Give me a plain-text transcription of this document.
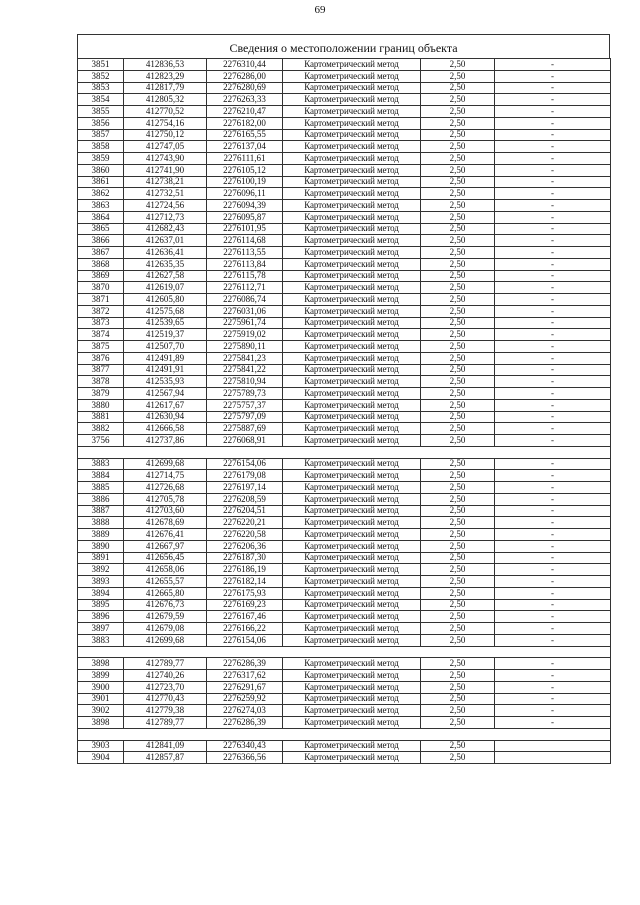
69
Сведения о местоположении границ объекта
3851	412836,53	2276310,44	Картометрический метод	2,50	-
3852	412823,29	2276286,00	Картометрический метод	2,50	-
3853	412817,79	2276280,69	Картометрический метод	2,50	-
3854	412805,32	2276263,33	Картометрический метод	2,50	-
3855	412770,52	2276210,47	Картометрический метод	2,50	-
3856	412754,16	2276182,00	Картометрический метод	2,50	-
3857	412750,12	2276165,55	Картометрический метод	2,50	-
3858	412747,05	2276137,04	Картометрический метод	2,50	-
3859	412743,90	2276111,61	Картометрический метод	2,50	-
3860	412741,90	2276105,12	Картометрический метод	2,50	-
3861	412738,21	2276100,19	Картометрический метод	2,50	-
3862	412732,51	2276096,11	Картометрический метод	2,50	-
3863	412724,56	2276094,39	Картометрический метод	2,50	-
3864	412712,73	2276095,87	Картометрический метод	2,50	-
3865	412682,43	2276101,95	Картометрический метод	2,50	-
3866	412637,01	2276114,68	Картометрический метод	2,50	-
3867	412636,41	2276113,55	Картометрический метод	2,50	-
3868	412635,35	2276113,84	Картометрический метод	2,50	-
3869	412627,58	2276115,78	Картометрический метод	2,50	-
3870	412619,07	2276112,71	Картометрический метод	2,50	-
3871	412605,80	2276086,74	Картометрический метод	2,50	-
3872	412575,68	2276031,06	Картометрический метод	2,50	-
3873	412539,65	2275961,74	Картометрический метод	2,50	-
3874	412519,37	2275919,02	Картометрический метод	2,50	-
3875	412507,70	2275890,11	Картометрический метод	2,50	-
3876	412491,89	2275841,23	Картометрический метод	2,50	-
3877	412491,91	2275841,22	Картометрический метод	2,50	-
3878	412535,93	2275810,94	Картометрический метод	2,50	-
3879	412567,94	2275789,73	Картометрический метод	2,50	-
3880	412617,67	2275757,37	Картометрический метод	2,50	-
3881	412630,94	2275797,09	Картометрический метод	2,50	-
3882	412666,58	2275887,69	Картометрический метод	2,50	-
3756	412737,86	2276068,91	Картометрический метод	2,50	-

3883	412699,68	2276154,06	Картометрический метод	2,50	-
3884	412714,75	2276179,08	Картометрический метод	2,50	-
3885	412726,68	2276197,14	Картометрический метод	2,50	-
3886	412705,78	2276208,59	Картометрический метод	2,50	-
3887	412703,60	2276204,51	Картометрический метод	2,50	-
3888	412678,69	2276220,21	Картометрический метод	2,50	-
3889	412676,41	2276220,58	Картометрический метод	2,50	-
3890	412667,97	2276206,36	Картометрический метод	2,50	-
3891	412656,45	2276187,30	Картометрический метод	2,50	-
3892	412658,06	2276186,19	Картометрический метод	2,50	-
3893	412655,57	2276182,14	Картометрический метод	2,50	-
3894	412665,80	2276175,93	Картометрический метод	2,50	-
3895	412676,73	2276169,23	Картометрический метод	2,50	-
3896	412679,59	2276167,46	Картометрический метод	2,50	-
3897	412679,08	2276166,22	Картометрический метод	2,50	-
3883	412699,68	2276154,06	Картометрический метод	2,50	-

3898	412789,77	2276286,39	Картометрический метод	2,50	-
3899	412740,26	2276317,62	Картометрический метод	2,50	-
3900	412723,70	2276291,67	Картометрический метод	2,50	-
3901	412770,43	2276259,92	Картометрический метод	2,50	-
3902	412779,38	2276274,03	Картометрический метод	2,50	-
3898	412789,77	2276286,39	Картометрический метод	2,50	-

3903	412841,09	2276340,43	Картометрический метод	2,50	
3904	412857,87	2276366,56	Картометрический метод	2,50	
